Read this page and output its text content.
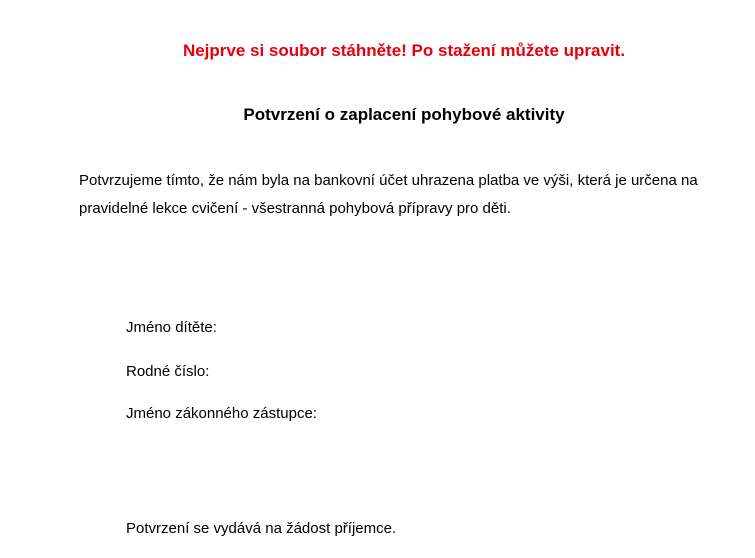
Nejprve si soubor stáhněte! Po stažení můžete upravit.
Potvrzení o zaplacení pohybové aktivity
Potvrzujeme tímto, že nám byla na bankovní účet uhrazena platba ve výši, která je určena na pravidelné lekce cvičení - všestranná pohybová přípravy pro děti.
Jméno dítěte:
Rodné číslo:
Jméno zákonného zástupce:
Potvrzení se vydává na žádost příjemce.
